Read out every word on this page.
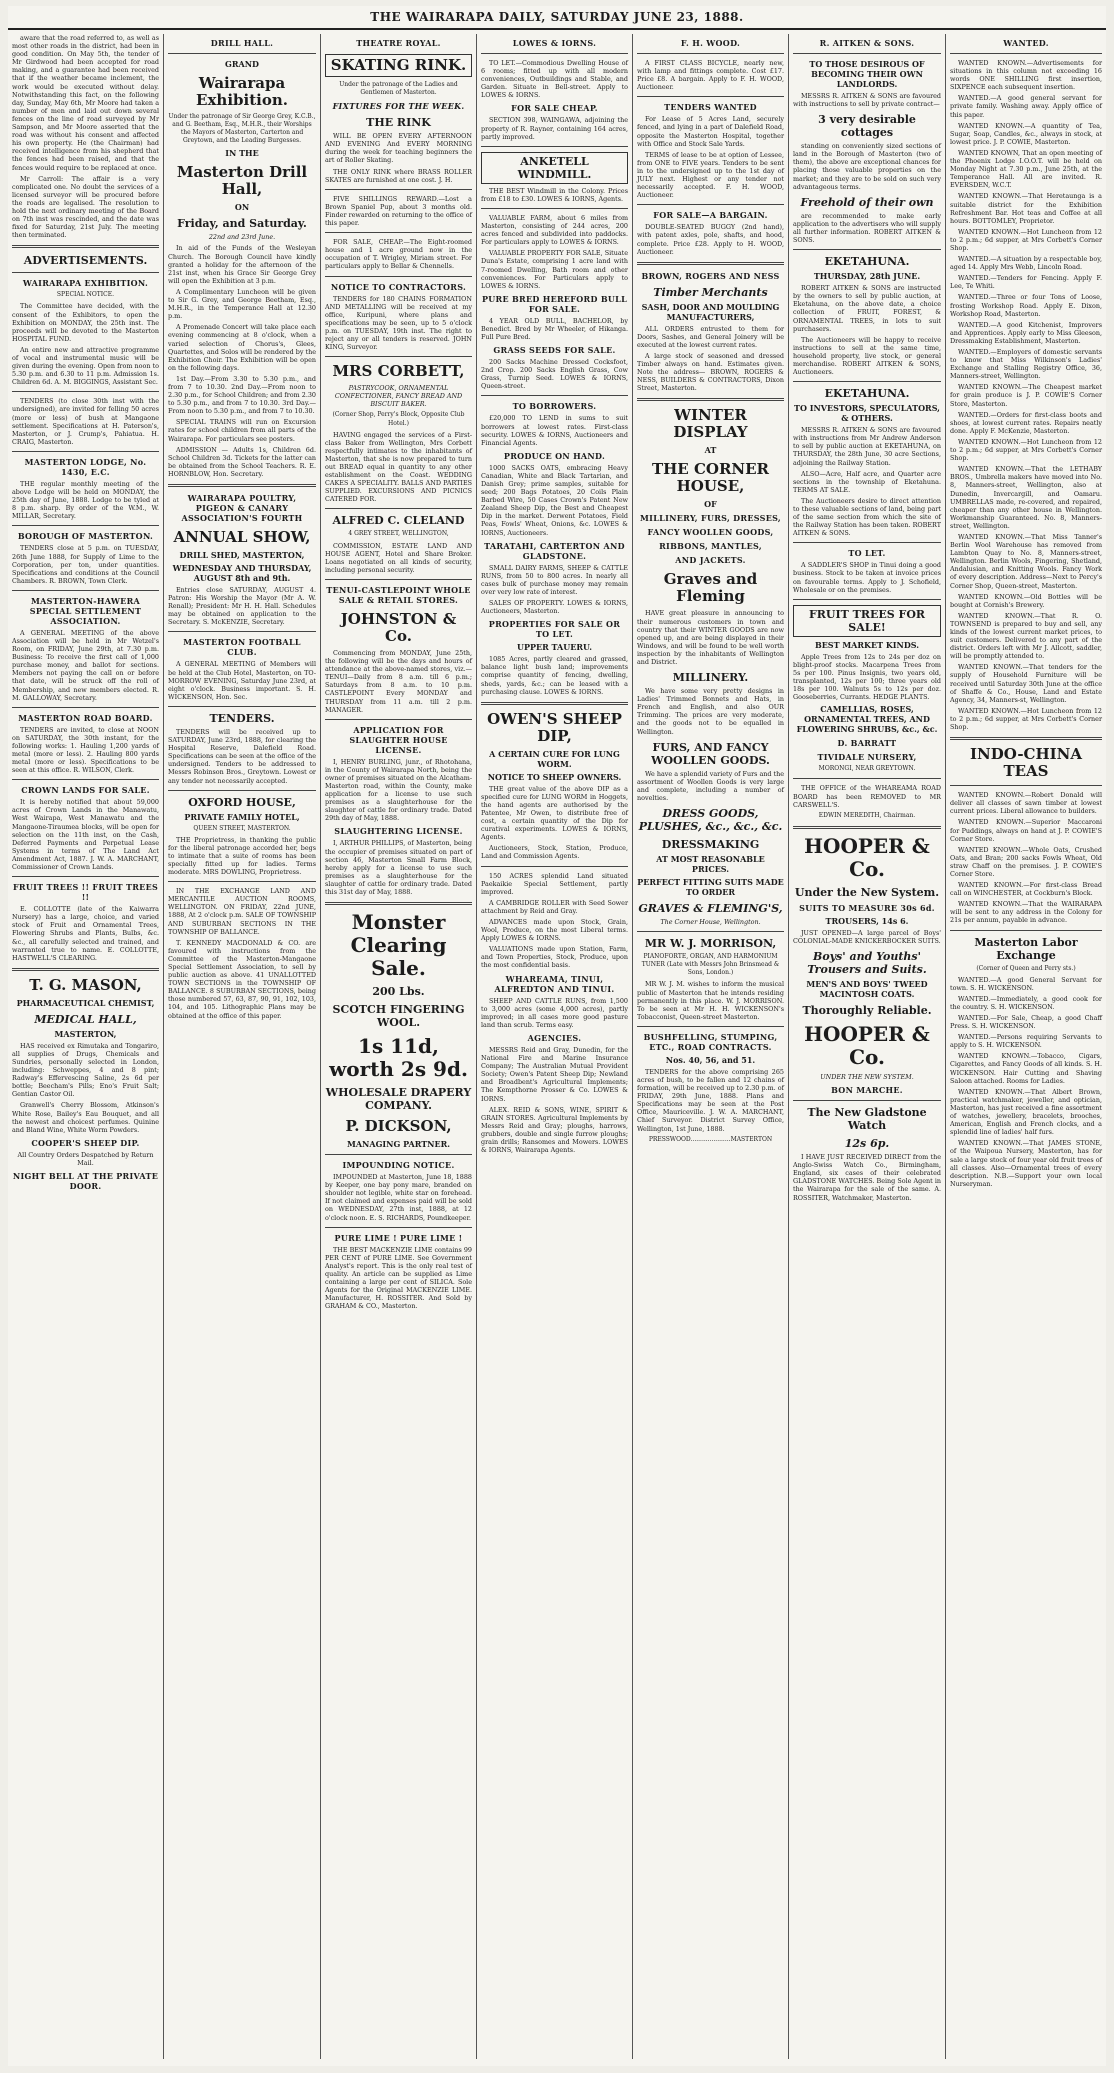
THE WAIRARAPA DAILY, SATURDAY JUNE 23, 1888.

aware that the road referred to, as well as most other roads in the district, had been in good condition. On May 5th, the tender of Mr Girdwood had been accepted for road making, and a guarantee had been received that if the weather became inclement, the work would be executed without delay. Notwithstanding this fact, on the following day, Sunday, May 6th, Mr Moore had taken a number of men and laid out down several fences on the line of road surveyed by Mr Sampson, and Mr Moore asserted that the road was without his consent and affected his own property. He (the Chairman) had received intelligence from his shepherd that the fences had been raised, and that the fences would require to be replaced at once.

Mr Carroll: The affair is a very complicated one. No doubt the services of a licensed surveyor will be procured before the roads are legalised. The resolution to hold the next ordinary meeting of the Board on 7th inst was rescinded, and the date was fixed for Saturday, 21st July. The meeting then terminated.

ADVERTISEMENTS.
WAIRARAPA EXHIBITION.

SPECIAL NOTICE.

The Committee have decided, with the consent of the Exhibitors, to open the Exhibition on MONDAY, the 25th inst. The proceeds will be devoted to the Masterton HOSPITAL FUND.

An entire new and attractive programme of vocal and instrumental music will be given during the evening. Open from noon to 5.30 p.m. and 6.30 to 11 p.m. Admission 1s. Children 6d. A. M. BIGGINGS, Assistant Sec.

TENDERS (to close 30th inst with the undersigned), are invited for felling 50 acres (more or less) of bush at Mangaone settlement. Specifications at H. Paterson's, Masterton, or J. Crump's, Pahiatua. H. CRAIG, Masterton.

MASTERTON LODGE, No. 1430, E.C.

THE regular monthly meeting of the above Lodge will be held on MONDAY, the 25th day of June, 1888. Lodge to be tyled at 8 p.m. sharp. By order of the W.M., W. MILLAR, Secretary.

BOROUGH OF MASTERTON.

TENDERS close at 5 p.m. on TUESDAY, 26th June 1888, for Supply of Lime to the Corporation, per ton, under quantities. Specifications and conditions at the Council Chambers. R. BROWN, Town Clerk.

MASTERTON-HAWERA SPECIAL SETTLEMENT ASSOCIATION.

A GENERAL MEETING of the above Association will be held in Mr Wetzel's Room, on FRIDAY, June 29th, at 7.30 p.m. Business: To receive the first call of 1,000 purchase money, and ballot for sections. Members not paying the call on or before that date, will be struck off the roll of Membership, and new members elected. R. M. GALLOWAY, Secretary.

MASTERTON ROAD BOARD.

TENDERS are invited, to close at NOON on SATURDAY, the 30th instant, for the following works: 1. Hauling 1,200 yards of metal (more or less). 2. Hauling 800 yards metal (more or less). Specifications to be seen at this office. R. WILSON, Clerk.

CROWN LANDS FOR SALE.

It is hereby notified that about 59,000 acres of Crown Lands in the Manawatu, West Wairapa, West Manawatu and the Mangaone-Tiraumea blocks, will be open for selection on the 11th inst, on the Cash, Deferred Payments and Perpetual Lease Systems in terms of The Land Act Amendment Act, 1887. J. W. A. MARCHANT, Commissioner of Crown Lands.

FRUIT TREES !! FRUIT TREES !!

E. COLLOTTE (late of the Kaiwarra Nursery) has a large, choice, and varied stock of Fruit and Ornamental Trees, Flowering Shrubs and Plants, Bulbs, &c. &c., all carefully selected and trained, and warranted true to name. E. COLLOTTE, HASTWELL'S CLEARING.

T. G. MASON,

PHARMACEUTICAL CHEMIST,

MEDICAL HALL,

MASTERTON,

HAS received ex Rimutaka and Tongariro, all supplies of Drugs, Chemicals and Sundries, personally selected in London, including: Schweppes, 4 and 8 pint; Radway's Effervescing Saline, 2s 6d per bottle; Beecham's Pills; Eno's Fruit Salt; Gentian Castor Oil.

Granwell's Cherry Blossom, Atkinson's White Rose, Bailey's Eau Bouquet, and all the newest and choicest perfumes. Quinine and Bland Wine, White Worm Powders.

COOPER'S SHEEP DIP.

All Country Orders Despatched by Return Mail.

NIGHT BELL AT THE PRIVATE DOOR.
DRILL HALL.

GRAND

Wairarapa Exhibition.

Under the patronage of Sir George Grey, K.C.B., and G. Beetham, Esq., M.H.R., their Worships the Mayors of Masterton, Carterton and Greytown, and the Leading Burgesses.

IN THE

Masterton Drill Hall,

ON

Friday, and Saturday.

22nd and 23rd June.

In aid of the Funds of the Wesleyan Church. The Borough Council have kindly granted a holiday for the afternoon of the 21st inst, when his Grace Sir George Grey will open the Exhibition at 3 p.m.

A Complimentary Luncheon will be given to Sir G. Grey, and George Beetham, Esq., M.H.R., in the Temperance Hall at 12.30 p.m.

A Promenade Concert will take place each evening commencing at 8 o'clock, when a varied selection of Chorus's, Glees, Quartettes, and Solos will be rendered by the Exhibition Choir. The Exhibition will be open on the following days.

1st Day.—From 3.30 to 5.30 p.m., and from 7 to 10.30. 2nd Day.—From noon to 2.30 p.m., for School Children; and from 2.30 to 5.30 p.m., and from 7 to 10.30. 3rd Day.—From noon to 5.30 p.m., and from 7 to 10.30.

SPECIAL TRAINS will run on Excursion rates for school children from all parts of the Wairarapa. For particulars see posters.

ADMISSION — Adults 1s, Children 6d. School Children 3d. Tickets for the latter can be obtained from the School Teachers. R. E. HORNBLOW, Hon. Secretary.

WAIRARAPA POULTRY, PIGEON & CANARY ASSOCIATION'S FOURTH
ANNUAL SHOW,

DRILL SHED, MASTERTON,

WEDNESDAY AND THURSDAY, AUGUST 8th and 9th.

Entries close SATURDAY, AUGUST 4. Patron: His Worship the Mayor (Mr A. W. Renall); President: Mr H. H. Hall. Schedules may be obtained on application to the Secretary. S. McKENZIE, Secretary.

MASTERTON FOOTBALL CLUB.

A GENERAL MEETING of Members will be held at the Club Hotel, Masterton, on TO-MORROW EVENING, Saturday June 23rd, at eight o'clock. Business important. S. H. WICKENSON, Hon. Sec.

TENDERS.

TENDERS will be received up to SATURDAY, June 23rd, 1888, for clearing the Hospital Reserve, Dalefield Road. Specifications can be seen at the office of the undersigned. Tenders to be addressed to Messrs Robinson Bros., Greytown. Lowest or any tender not necessarily accepted.

OXFORD HOUSE,

PRIVATE FAMILY HOTEL,

QUEEN STREET, MASTERTON.

THE Proprietress, in thanking the public for the liberal patronage accorded her, begs to intimate that a suite of rooms has been specially fitted up for ladies. Terms moderate. MRS DOWLING, Proprietress.

IN THE EXCHANGE LAND AND MERCANTILE AUCTION ROOMS, WELLINGTON. ON FRIDAY, 22nd JUNE, 1888, At 2 o'clock p.m. SALE OF TOWNSHIP AND SUBURBAN SECTIONS IN THE TOWNSHIP OF BALLANCE.

T. KENNEDY MACDONALD & CO. are favoured with instructions from the Committee of the Masterton-Mangaone Special Settlement Association, to sell by public auction as above. 41 UNALLOTTED TOWN SECTIONS in the TOWNSHIP OF BALLANCE. 8 SUBURBAN SECTIONS, being those numbered 57, 63, 87, 90, 91, 102, 103, 104, and 105. Lithographic Plans may be obtained at the office of this paper.

THEATRE ROYAL.
SKATING RINK.

Under the patronage of the Ladies and Gentlemen of Masterton.

FIXTURES FOR THE WEEK.
THE RINK

WILL BE OPEN EVERY AFTERNOON AND EVENING And EVERY MORNING during the week for teaching beginners the art of Roller Skating.

THE ONLY RINK where BRASS ROLLER SKATES are furnished at one cost. J. H.

FIVE SHILLINGS REWARD.—Lost a Brown Spaniel Pup, about 3 months old. Finder rewarded on returning to the office of this paper.

FOR SALE, CHEAP.—The Eight-roomed house and 1 acre ground now in the occupation of T. Wrigley, Miriam street. For particulars apply to Bellar & Chennells.

NOTICE TO CONTRACTORS.

TENDERS for 180 CHAINS FORMATION AND METALLING will be received at my office, Kuripuni, where plans and specifications may be seen, up to 5 o'clock p.m. on TUESDAY, 19th inst. The right to reject any or all tenders is reserved. JOHN KING, Surveyor.

MRS CORBETT,

PASTRYCOOK, ORNAMENTAL CONFECTIONER, FANCY BREAD AND BISCUIT BAKER.

(Corner Shop, Perry's Block, Opposite Club Hotel.)

HAVING engaged the services of a First-class Baker from Wellington, Mrs Corbett respectfully intimates to the inhabitants of Masterton, that she is now prepared to turn out BREAD equal in quantity to any other establishment on the Coast. WEDDING CAKES A SPECIALITY. BALLS AND PARTIES SUPPLIED. EXCURSIONS AND PICNICS CATERED FOR.

ALFRED C. CLELAND

4 GREY STREET, WELLINGTON,

COMMISSION, ESTATE LAND AND HOUSE AGENT, Hotel and Share Broker. Loans negotiated on all kinds of security, including personal security.

TENUI-CASTLEPOINT WHOLE SALE & RETAIL STORES.
JOHNSTON & Co.

Commencing from MONDAY, June 25th, the following will be the days and hours of attendance at the above-named stores, viz.— TENUI—Daily from 8 a.m. till 6 p.m.; Saturdays from 8 a.m. to 10 p.m. CASTLEPOINT Every MONDAY and THURSDAY from 11 a.m. till 2 p.m. MANAGER.

APPLICATION FOR SLAUGHTER HOUSE LICENSE.

I, HENRY BURLING, junr., of Rhotohana, in the County of Wairarapa North, being the owner of premises situated on the Alcatham-Masterton road, within the County, make application for a license to use such premises as a slaughterhouse for the slaughter of cattle for ordinary trade. Dated 29th day of May, 1888.

SLAUGHTERING LICENSE.

I, ARTHUR PHILLIPS, of Masterton, being the occupier of premises situated on part of section 46, Masterton Small Farm Block, hereby apply for a license to use such premises as a slaughterhouse for the slaughter of cattle for ordinary trade. Dated this 31st day of May, 1888.

Monster Clearing Sale.
200 Lbs.
SCOTCH FINGERING WOOL.
1s 11d, worth 2s 9d.
WHOLESALE DRAPERY COMPANY.
P. DICKSON,

MANAGING PARTNER.

IMPOUNDING NOTICE.

IMPOUNDED at Masterton, June 18, 1888 by Keeper, one bay pony mare, branded on shoulder not legible, white star on forehead. If not claimed and expenses paid will be sold on WEDNESDAY, 27th inst, 1888, at 12 o'clock noon. E. S. RICHARDS, Poundkeeper.

PURE LIME ! PURE LIME !

THE BEST MACKENZIE LIME contains 99 PER CENT of PURE LIME. See Government Analyst's report. This is the only real test of quality. An article can be supplied as Lime containing a large per cent of SILICA. Sole Agents for the Original MACKENZIE LIME. Manufacturer, H. ROSSITER. And Sold by GRAHAM & CO., Masterton.

LOWES & IORNS.

TO LET.—Commodious Dwelling House of 6 rooms; fitted up with all modern conveniences, Outbuildings and Stable, and Garden. Situate in Bell-street. Apply to LOWES & IORNS.

FOR SALE CHEAP.

SECTION 398, WAINGAWA, adjoining the property of R. Rayner, containing 164 acres, partly improved.

ANKETELL WINDMILL.

THE BEST Windmill in the Colony. Prices from £18 to £30. LOWES & IORNS, Agents.

VALUABLE FARM, about 6 miles from Masterton, consisting of 244 acres, 200 acres fenced and subdivided into paddocks. For particulars apply to LOWES & IORNS.

VALUABLE PROPERTY FOR SALE, Situate Duna's Estate, comprising 1 acre land with 7-roomed Dwelling, Bath room and other conveniences. For Particulars apply to LOWES & IORNS.

PURE BRED HEREFORD BULL FOR SALE.

4 YEAR OLD BULL, BACHELOR, by Benedict. Bred by Mr Wheeler, of Hikanga. Full Pure Bred.

GRASS SEEDS FOR SALE.

200 Sacks Machine Dressed Cocksfoot, 2nd Crop. 200 Sacks English Grass, Cow Grass, Turnip Seed. LOWES & IORNS, Queen-street.

TO BORROWERS.

£20,000 TO LEND in sums to suit borrowers at lowest rates. First-class security. LOWES & IORNS, Auctioneers and Financial Agents.

PRODUCE ON HAND.

1000 SACKS OATS, embracing Heavy Canadian, White and Black Tartarian, and Danish Grey; prime samples, suitable for seed; 200 Bags Potatoes, 20 Coils Plain Barbed Wire, 50 Cases Crown's Patent New Zealand Sheep Dip, the Best and Cheapest Dip in the market. Derwent Potatoes, Field Peas, Fowls' Wheat, Onions, &c. LOWES & IORNS, Auctioneers.

TARATAHI, CARTERTON AND GLADSTONE.

SMALL DAIRY FARMS, SHEEP & CATTLE RUNS, from 50 to 800 acres. In nearly all cases bulk of purchase money may remain over very low rate of interest.

SALES OF PROPERTY. LOWES & IORNS, Auctioneers, Masterton.

PROPERTIES FOR SALE OR TO LET.

UPPER TAUERU.

1085 Acres, partly cleared and grassed, balance light bush land; improvements comprise quantity of fencing, dwelling, sheds, yards, &c.; can be leased with a purchasing clause. LOWES & IORNS.

OWEN'S SHEEP DIP,

A CERTAIN CURE FOR LUNG WORM.

NOTICE TO SHEEP OWNERS.

THE great value of the above DIP as a specified cure for LUNG WORM in Hoggets, the hand agents are authorised by the Patentee, Mr Owen, to distribute free of cost, a certain quantity of the Dip for curatival experiments. LOWES & IORNS, Agents.

Auctioneers, Stock, Station, Produce, Land and Commission Agents.

150 ACRES splendid Land situated Paekaikie Special Settlement, partly improved.

A CAMBRIDGE ROLLER with Seed Sower attachment by Reid and Gray.

ADVANCES made upon Stock, Grain, Wool, Produce, on the most Liberal terms. Apply LOWES & IORNS.

VALUATIONS made upon Station, Farm, and Town Properties, Stock, Produce, upon the most confidential basis.

WHAREAMA, TINUI, ALFREDTON AND TINUI.

SHEEP AND CATTLE RUNS, from 1,500 to 3,000 acres (some 4,000 acres), partly improved; in all cases more good pasture land than scrub. Terms easy.

AGENCIES.

MESSRS Reid and Gray, Dunedin, for the National Fire and Marine Insurance Company; The Australian Mutual Provident Society; Owen's Patent Sheep Dip; Newland and Broadbent's Agricultural Implements; The Kempthorne Prosser & Co. LOWES & IORNS.

ALEX. REID & SONS, WINE, SPIRIT & GRAIN STORES. Agricultural Implements by Messrs Reid and Gray; ploughs, harrows, grubbers, double and single furrow ploughs; grain drills; Ransomes and Mowers. LOWES & IORNS, Wairarapa Agents.

F. H. WOOD.

A FIRST CLASS BICYCLE, nearly new, with lamp and fittings complete. Cost £17. Price £8. A bargain. Apply to F. H. WOOD, Auctioneer.

TENDERS WANTED

For Lease of 5 Acres Land, securely fenced, and lying in a part of Dalefield Road, opposite the Masterton Hospital, together with Office and Stock Sale Yards.

TERMS of lease to be at option of Lessee, from ONE to FIVE years. Tenders to be sent in to the undersigned up to the 1st day of JULY next. Highest or any tender not necessarily accepted. F. H. WOOD, Auctioneer.

FOR SALE—A BARGAIN.

DOUBLE-SEATED BUGGY (2nd hand), with patent axles, pole, shafts, and hood, complete. Price £28. Apply to H. WOOD, Auctioneer.

BROWN, ROGERS AND NESS
Timber Merchants

SASH, DOOR AND MOULDING MANUFACTURERS,

ALL ORDERS entrusted to them for Doors, Sashes, and General Joinery will be executed at the lowest current rates.

A large stock of seasoned and dressed Timber always on hand. Estimates given. Note the address— BROWN, ROGERS & NESS, BUILDERS & CONTRACTORS, Dixon Street, Masterton.

WINTER DISPLAY

AT

THE CORNER HOUSE,

OF

MILLINERY, FURS, DRESSES,
FANCY WOOLLEN GOODS,
RIBBONS, MANTLES,
AND JACKETS.
Graves and Fleming

HAVE great pleasure in announcing to their numerous customers in town and country that their WINTER GOODS are now opened up, and are being displayed in their Windows, and will be found to be well worth inspection by the inhabitants of Wellington and District.

MILLINERY.

We have some very pretty designs in Ladies' Trimmed Bonnets and Hats, in French and English, and also OUR Trimming. The prices are very moderate, and the goods not to be equalled in Wellington.

FURS, AND FANCY WOOLLEN GOODS.

We have a splendid variety of Furs and the assortment of Woollen Goods is very large and complete, including a number of novelties.

DRESS GOODS, PLUSHES, &c., &c., &c.
DRESSMAKING

AT MOST REASONABLE PRICES.

PERFECT FITTING SUITS MADE TO ORDER

GRAVES & FLEMING'S,

The Corner House, Wellington.

MR W. J. MORRISON,

PIANOFORTE, ORGAN, AND HARMONIUM TUNER (Late with Messrs John Brinsmead & Sons, London.)

MR W. J. M. wishes to inform the musical public of Masterton that he intends residing permanently in this place. W. J. MORRISON. To be seen at Mr H. H. WICKENSON's Tobacconist, Queen-street Masterton.

BUSHFELLING, STUMPING, ETC., ROAD CONTRACTS.

Nos. 40, 56, and 51.

TENDERS for the above comprising 265 acres of bush, to be fallen and 12 chains of formation, will be received up to 2.30 p.m. of FRIDAY, 29th June, 1888. Plans and Specifications may be seen at the Post Office, Mauriceville. J. W. A. MARCHANT, Chief Surveyor. District Survey Office, Wellington, 1st June, 1888.

PRESSWOOD.....................MASTERTON

R. AITKEN & SONS.

TO THOSE DESIROUS OF BECOMING THEIR OWN LANDLORDS.

MESSRS R. AITKEN & SONS are favoured with instructions to sell by private contract—

3 very desirable cottages

standing on conveniently sized sections of land in the Borough of Masterton (two of them), the above are exceptional chances for placing those valuable properties on the market; and they are to be sold on such very advantageous terms.

Freehold of their own

are recommended to make early application to the advertisers who will supply all further information. ROBERT AITKEN & SONS.

EKETAHUNA.

THURSDAY, 28th JUNE.

ROBERT AITKEN & SONS are instructed by the owners to sell by public auction, at Eketahuna, on the above date, a choice collection of FRUIT, FOREST, & ORNAMENTAL TREES, in lots to suit purchasers.

The Auctioneers will be happy to receive instructions to sell at the same time, household property, live stock, or general merchandise. ROBERT AITKEN & SONS, Auctioneers.

EKETAHUNA.

TO INVESTORS, SPECULATORS, & OTHERS.

MESSRS R. AITKEN & SONS are favoured with instructions from Mr Andrew Anderson to sell by public auction at EKETAHUNA, on THURSDAY, the 28th June, 30 acre Sections, adjoining the Railway Station.

ALSO—Acre, Half acre, and Quarter acre sections in the township of Eketahuna. TERMS AT SALE.

The Auctioneers desire to direct attention to these valuable sections of land, being part of the same section from which the site of the Railway Station has been taken. ROBERT AITKEN & SONS.

TO LET.

A SADDLER'S SHOP in Tinui doing a good business. Stock to be taken at invoice prices on favourable terms. Apply to J. Schofield, Wholesale or on the premises.

FRUIT TREES FOR SALE!

BEST MARKET KINDS.

Apple Trees from 12s to 24s per doz on blight-proof stocks. Macarpena Trees from 5s per 100. Pinus Insignis, two years old, transplanted, 12s per 100; three years old 18s per 100. Walnuts 5s to 12s per doz. Gooseberries, Currants. HEDGE PLANTS.

CAMELLIAS, ROSES, ORNAMENTAL TREES, AND FLOWERING SHRUBS, &c., &c.

D. BARRATT
TIVIDALE NURSERY,

MORONGI, NEAR GREYTOWN.

THE OFFICE of the WHAREAMA ROAD BOARD has been REMOVED to MR CARSWELL'S.

EDWIN MEREDITH, Chairman.

HOOPER & Co.
Under the New System.
SUITS TO MEASURE 30s 6d.

TROUSERS, 14s 6.

JUST OPENED—A large parcel of Boys' COLONIAL-MADE KNICKERBOCKER SUITS.

Boys' and Youths' Trousers and Suits.

MEN'S AND BOYS' TWEED MACINTOSH COATS.

Thoroughly Reliable.
HOOPER & Co.

UNDER THE NEW SYSTEM.

BON MARCHE.
The New Gladstone Watch
12s 6p.

I HAVE JUST RECEIVED DIRECT from the Anglo-Swiss Watch Co., Birmingham, England, six cases of their celebrated GLADSTONE WATCHES. Being Sole Agent in the Wairarapa for the sale of the same. A. ROSSITER, Watchmaker, Masterton.

WANTED.

WANTED KNOWN.—Advertisements for situations in this column not exceeding 16 words ONE SHILLING first insertion, SIXPENCE each subsequent insertion.

WANTED.—A good general servant for private family. Washing away. Apply office of this paper.

WANTED KNOWN.—A quantity of Tea, Sugar, Soap, Candles, &c., always in stock, at lowest price. J. P. COWIE, Masterton.

WANTED KNOWN, That an open meeting of the Phoenix Lodge I.O.O.T. will be held on Monday Night at 7.30 p.m., June 25th, at the Temperance Hall. All are invited. R. EVERSDEN, W.C.T.

WANTED KNOWN.—That Heretaunga is a suitable district for the Exhibition Refreshment Bar. Hot teas and Coffee at all hours. BOTTOMLEY, Proprietor.

WANTED KNOWN.—Hot Luncheon from 12 to 2 p.m.; 6d supper, at Mrs Corbett's Corner Shop.

WANTED.—A situation by a respectable boy, aged 14. Apply Mrs Webb, Lincoln Road.

WANTED.—Tenders for Fencing. Apply F. Lee, Te Whiti.

WANTED.—Three or four Tons of Loose, frosting Workshop Road. Apply E. Dixon, Workshop Road, Masterton.

WANTED.—A good Kitchenist, Improvers and Apprentices. Apply early to Miss Gleeson, Dressmaking Establishment, Masterton.

WANTED.—Employers of domestic servants to know that Miss Wilkinson's Ladies' Exchange and Stalling Registry Office, 36, Manners-street, Wellington.

WANTED KNOWN.—The Cheapest market for grain produce is J. P. COWIE'S Corner Store, Masterton.

WANTED.—Orders for first-class boots and shoes, at lowest current rates. Repairs neatly done. Apply F. McKenzie, Masterton.

WANTED KNOWN.—Hot Luncheon from 12 to 2 p.m.; 6d supper, at Mrs Corbett's Corner Shop.

WANTED KNOWN.—That the LETHABY BROS., Umbrella makers have moved into No. 8, Manners-street, Wellington, also at Dunedin, Invercargill, and Oamaru. UMBRELLAS made, re-covered, and repaired, cheaper than any other house in Wellington. Workmanship Guaranteed. No. 8, Manners-street, Wellington.

WANTED KNOWN.—That Miss Tanner's Berlin Wool Warehouse has removed from Lambton Quay to No. 8, Manners-street, Wellington. Berlin Wools, Fingering, Shetland, Andalusian, and Knitting Wools. Fancy Work of every description. Address—Next to Percy's Corner Shop, Queen-street, Masterton.

WANTED KNOWN.—Old Bottles will be bought at Cornish's Brewery.

WANTED KNOWN.—That R. O. TOWNSEND is prepared to buy and sell, any kinds of the lowest current market prices, to suit customers. Delivered to any part of the district. Orders left with Mr J. Allcott, saddler, will be promptly attended to.

WANTED KNOWN.—That tenders for the supply of Household Furniture will be received until Saturday 30th June at the office of Shaffe & Co., House, Land and Estate Agency, 34, Manners-st, Wellington.

WANTED KNOWN.—Hot Luncheon from 12 to 2 p.m.; 6d supper, at Mrs Corbett's Corner Shop.

INDO-CHINA TEAS

WANTED KNOWN.—Robert Donald will deliver all classes of sawn timber at lowest current prices. Liberal allowance to builders.

WANTED KNOWN.—Superior Maccaroni for Puddings, always on hand at J. P. COWIE'S Corner Store.

WANTED KNOWN.—Whole Oats, Crushed Oats, and Bran; 200 sacks Fowls Wheat, Old straw Chaff on the premises. J. P. COWIE'S Corner Store.

WANTED KNOWN.—For first-class Bread call on WINCHESTER, at Cockburn's Block.

WANTED KNOWN.—That the WAIRARAPA will be sent to any address in the Colony for 21s per annum, payable in advance.

Masterton Labor Exchange

(Corner of Queen and Perry sts.)

WANTED.—A good General Servant for town. S. H. WICKENSON.

WANTED.—Immediately, a good cook for the country. S. H. WICKENSON.

WANTED.—For Sale, Cheap, a good Chaff Press. S. H. WICKENSON.

WANTED.—Persons requiring Servants to apply to S. H. WICKENSON.

WANTED KNOWN.—Tobacco, Cigars, Cigarettes, and Fancy Goods of all kinds. S. H. WICKENSON. Hair Cutting and Shaving Saloon attached. Rooms for Ladies.

WANTED KNOWN.—That Albert Brown, practical watchmaker, jeweller, and optician, Masterton, has just received a fine assortment of watches, jewellery, bracelets, brooches, American, English and French clocks, and a splendid line of ladies' half furs.

WANTED KNOWN.—That JAMES STONE, of the Waipoua Nursery, Masterton, has for sale a large stock of four year old fruit trees of all classes. Also—Ornamental trees of every description. N.B.—Support your own local Nurseryman.
